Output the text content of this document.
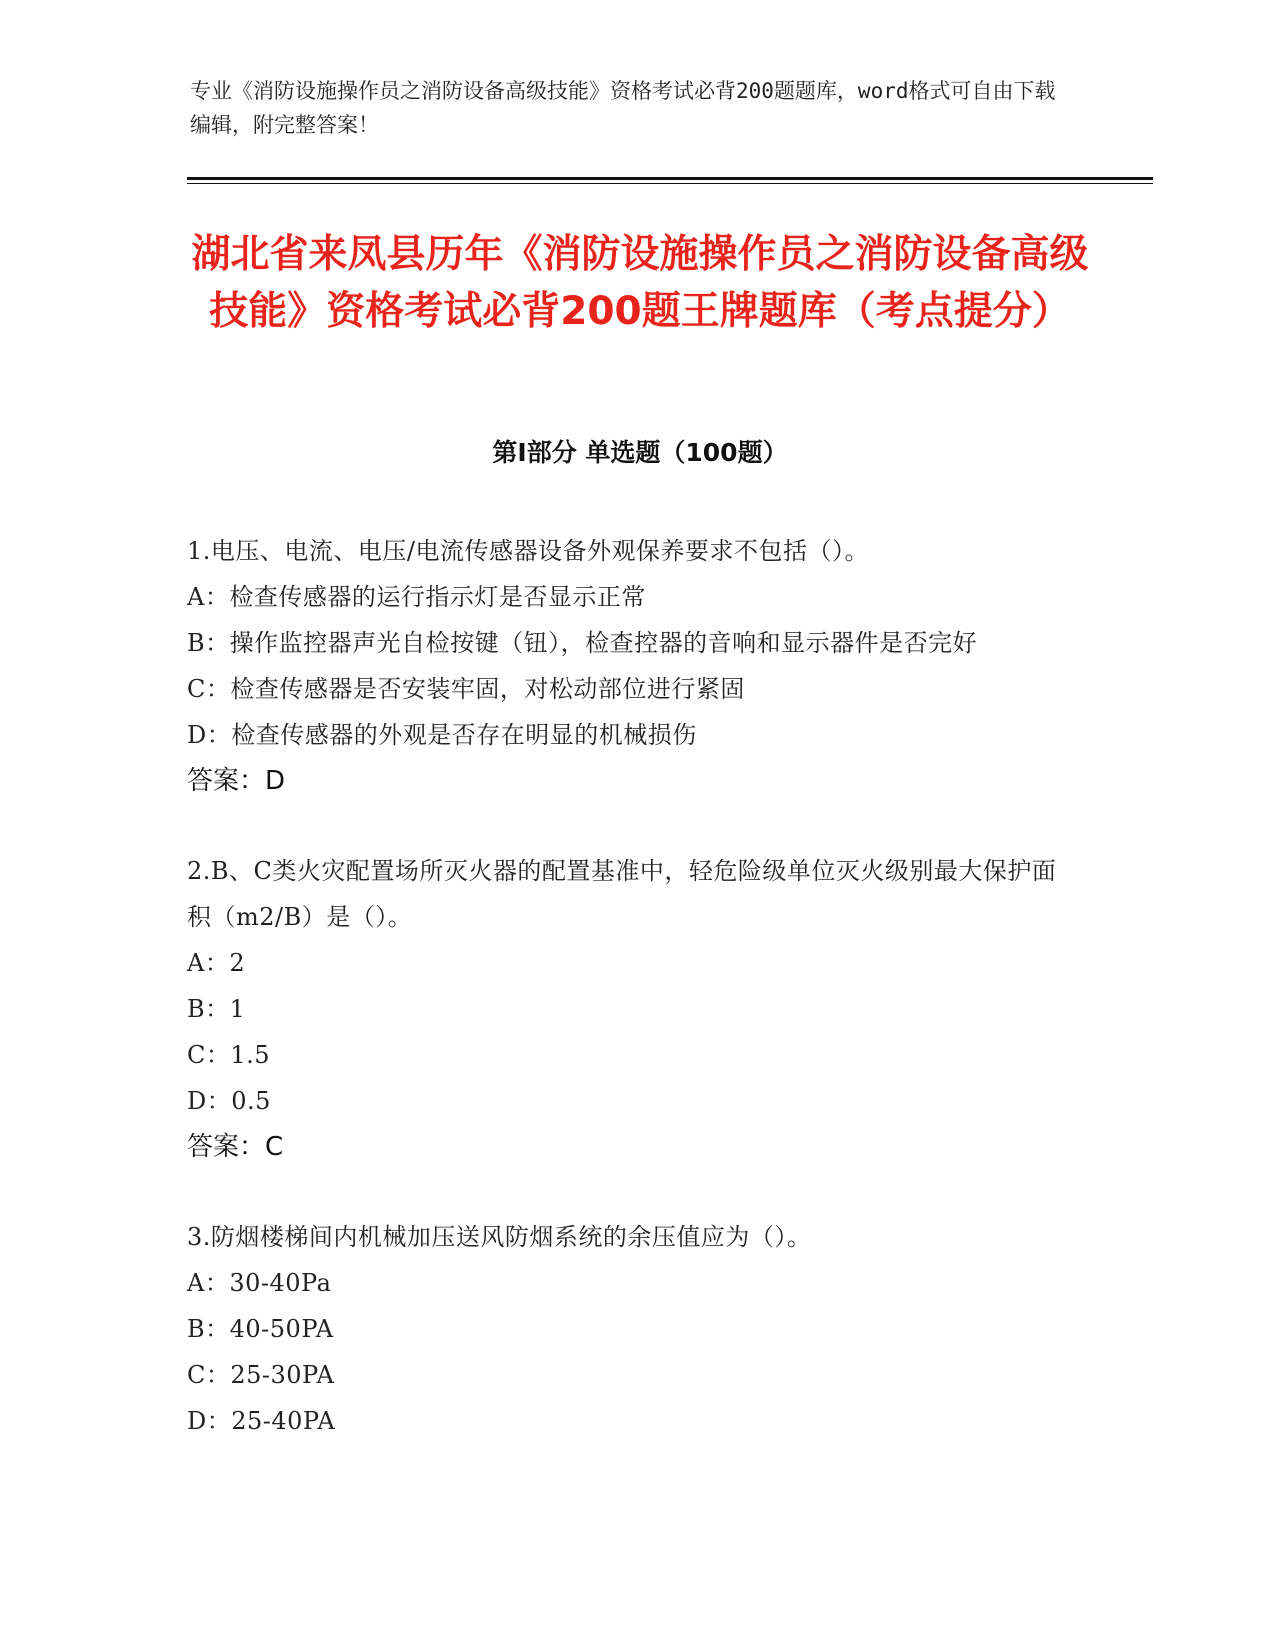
专业《消防设施操作员之消防设备高级技能》资格考试必背200题题库，word格式可自由下载编辑，附完整答案！
湖北省来凤县历年《消防设施操作员之消防设备高级技能》资格考试必背200题王牌题库（考点提分）
第Ⅰ部分 单选题（100题）
1.电压、电流、电压/电流传感器设备外观保养要求不包括（）。
A：检查传感器的运行指示灯是否显示正常
B：操作监控器声光自检按键（钮），检查控器的音响和显示器件是否完好
C：检查传感器是否安装牢固，对松动部位进行紧固
D：检查传感器的外观是否存在明显的机械损伤
答案：D
2.B、C类火灾配置场所灭火器的配置基准中，轻危险级单位灭火级别最大保护面积（m2/B）是（）。
A：2
B：1
C：1.5
D：0.5
答案：C
3.防烟楼梯间内机械加压送风防烟系统的余压值应为（）。
A：30-40Pa
B：40-50PA
C：25-30PA
D：25-40PA
